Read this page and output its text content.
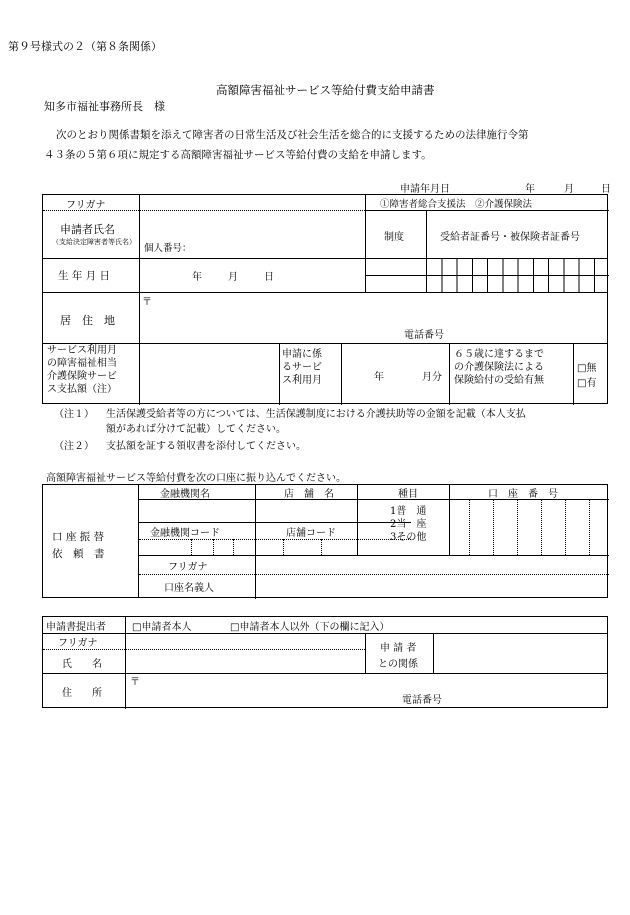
第９号様式の２（第８条関係）
高額障害福祉サービス等給付費支給申請書
知多市福祉事務所長　様
次のとおり関係書類を添えて障害者の日常生活及び社会生活を総合的に支援するための法律施行令第
４３条の５第６項に規定する高額障害福祉サービス等給付費の支給を申請します。
申請年月日	年	月	日
フリガナ	①障害者総合支援法　②介護保険法
申請者氏名
（支給決定障害者等氏名）
個人番号：
制度	受給者証番号・被保険者証番号
生 年 月 日	年	月	日
〒
居　住　地
電話番号
サービス利用月
の障害福祉相当
介護保険サービ
ス支払額（注）
申請に係
るサービ
ス利用月	年	月分
６５歳に達するまで
の介護保険法による
保険給付の受給有無
□無
□有
（注１） 生活保護受給者等の方については、生活保護制度における介護扶助等の金額を記載（本人支払
額があれば分けて記載）してください。
（注２） 支払額を証する領収書を添付してください。
高額障害福祉サービス等給付費を次の口座に振り込んでください。
金融機関名	店　舗　名	種目	口　座　番　号
1普　通
2当　座
3その他
金融機関コード	店舗コード
口 座 振 替
依　頼　書
フリガナ
口座名義人
申請書提出者	□申請者本人	□申請者本人以外（下の欄に記入）
フリガナ
氏　　名
申 請 者
との関係
〒
住　　所
電話番号
